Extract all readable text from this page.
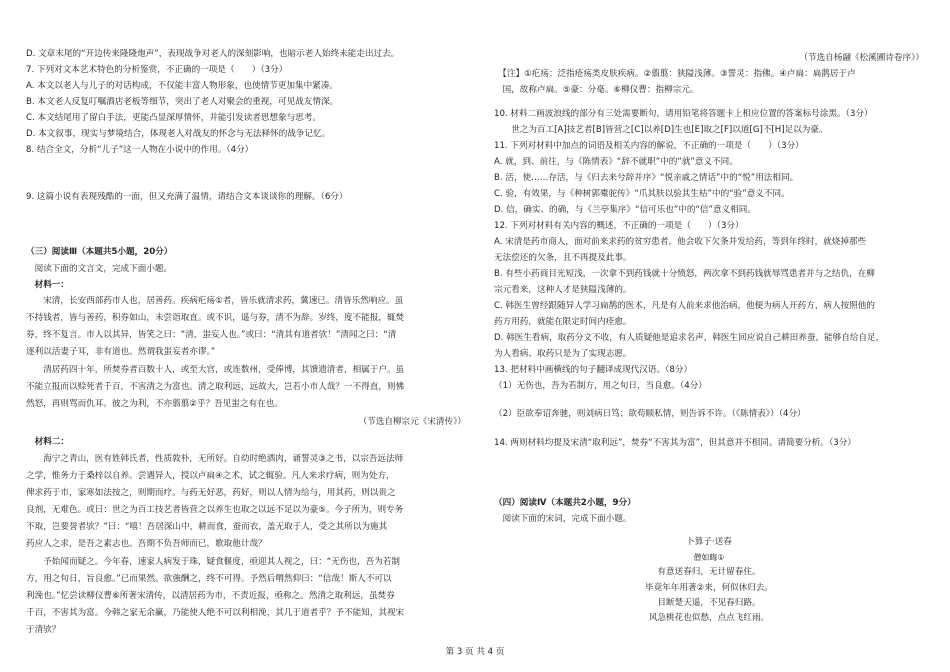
D. 文章末尾的“开边传来隆隆炮声”，表现战争对老人的深刻影响，也暗示老人始终未能走出过去。
7. 下列对文本艺术特色的分析鉴赏，不正确的一项是（　　）（3分）
A. 本文以老人与儿子的对话构成，不仅能丰富人物形象，也使情节更加集中紧凑。
B. 本文老人反复叮嘱酒店老板等细节，突出了老人对聚会的重视，可见战友情深。
C. 本文结尾用了留白手法，更能凸显深厚情怀，并能引发读者思想象与思考。
D. 本文叙事，现实与梦境结合，体现老人对战友的怀念与无法释怀的战争记忆。
8. 结合全文，分析“儿子”这一人物在小说中的作用。（4分）
9. 这篇小说有表现残酷的一面，但又充满了温情，请结合文本谈谈你的理解。（6分）
（三）阅读Ⅲ（本题共5小题，20分）
　阅读下面的文言文，完成下面小题。
　材料一：
　　宋清，长安西部药市人也，居善药。疾病疕疡①者，皆乐就清求药，冀速已。清皆乐然响应。虽
不持钱者，皆与善药，积券如山，未尝诣取直。或不识，遥与券，清不为辞。岁终，度不能报，辄焚
券，终不复言。市人以其异，皆笑之曰：“清，蚩妄人也。”或曰：“清其有道者欤！”清闻之曰：“清
逐利以活妻子耳，非有道也。然谓我蚩妄者亦谬。”
　　清居药四十年，所焚券者百数十人，或至大官，或连数州，受俸博，其馈遗清者，相属于户。虽
不能立报而以赊死者千百，不害清之为富也。清之取利远，远故大，岂若小市人哉？一不得直，则怫
然怒，再则骂而仇耳。彼之为利，不亦翦翦②乎？吾见蚩之有在也。
（节选自柳宗元《宋清传》）
　材料二：
　　海宁之青山，医有姓韩氏者，性质敦朴，无所好。自幼时绝酒肉，诵誓灵③之书，以宗吾远法师
之学，惟务力于桑梓以自养。尝遇异人，授以卢扁④之术，试之辄验。凡人来求疗病，则为处方，
俾求药于市，家寒如法按之，则期而疗。与药无好恶，药好，则以人情为给与，用其药，则以贵之
良剂，无难色。或曰：世之为百工技艺者皆营之以养生也取之以远不足以为豪⑤。今子所为，则专务
不取，岂要誉者欤？”曰：“嘻！吾居深山中，耕而食，蚕而衣，盖无取于人，受之其所以为施其
药应人之求，是吾之素志也。吾期不负吾师而已，歌取他计哉？
　　予始闻而疑之。今年春，速家人病发于珠，疑食偃度，亟迎其人视之，曰：“无伤也，吾为若制
方，用之旬日，旨良愈。”已而果然。欲強酬之，终不可得。予然后喟然仰曰：“信哉！斯人不可以
利浼也。”忆尝读柳仪曹⑥所著宋清传，以清居药为市，不责近报，亟称之。然清之取利远，虽焚券
千百，不害其为富。今韩之家无余赢，乃能使人绝不可以利相浼，其几于道者乎？予不能知，其视宋
于清欤？
卜算子·送春
僧如晦①
有意送春归，无计留春住。
毕竟年年用著②来，何似休归去。
目断楚天遥，不见春归路。
风急桃花也似愁，点点飞红雨。
（节选自杨翮《松溪圃诗卷序》）
　【注】①疕疡：泛指疮疡类皮肤疾病。②翦翦：狭隘浅薄。③誓灵：指佛。④卢扁：扁鹊居于卢
　国，故称卢扁。⑤豪：分毫。⑥柳仪曹：指柳宗元。
10. 材料二画波浪线的部分有三处需要断句，请用铅笔将答题卡上相应位置的答案标号涂黑。（3分）
　　世之为百工[A]技艺者[B]皆营之[C]以养[D]生也[E]取之[F]以道[G]不[H]足以为豪。
11. 下列对材料中加点的词语及相关内容的解说，不正确的一项是（　　）（3分）
A. 就，到、前往，与《陈情表》“辞不就职”中的“就”意义不同。
B. 活，使……存活，与《归去来兮辞并序》“悦亲戚之情话”中的“悦”用法相同。
C. 验，有效果，与《种树郭橐驼传》“爪其肤以验其生枯”中的“验”意义不同。
D. 信，确实、的确，与《兰亭集序》“信可乐也”中的“信”意义相同。
12. 下列对材料有关内容的概述，不正确的一项是（　　）（3分）
A. 宋清是药市商人，面对前来求药的贫穷患者，他会收下欠条并发给药，等到年终时，就烧掉那些
无法偿还的欠条，且不再提及此事。
B. 有些小药商目光短浅，一次拿不到药钱就十分愤怒，两次拿不到药钱就辱骂患者并与之结仇，在柳
宗元看来，这种人才是狭隘浅薄的。
C. 韩医生曾经跟随异人学习扁鹊的医术，凡是有人前来求他治病，他便为病人开药方，病人按照他的
药方用药，就能在限定时间内痊愈。
D. 韩医生看病，取药分文不收，有人质疑他是追求名声，韩医生回应说自己耕田养蚕，能够自给自足，
为人看病、取药只是为了实现志愿。
13. 把材料中画横线的句子翻译成现代汉语。（8分）
（1）无伤也，吾为若制方，用之旬日，当良愈。（4分）
（2）臣欲奉诏奔驰，则刘病日笃；欲苟顺私情，则告诉不许。（《陈情表》）（4分）
14. 两则材料均提及宋清“取利远”，焚券“不害其为富”，但其意并不相同。请简要分析。（3分）
（四）阅读Ⅳ（本题共2小题，9分）
　阅读下面的宋词，完成下面小题。
第 3 页 共 4 页
